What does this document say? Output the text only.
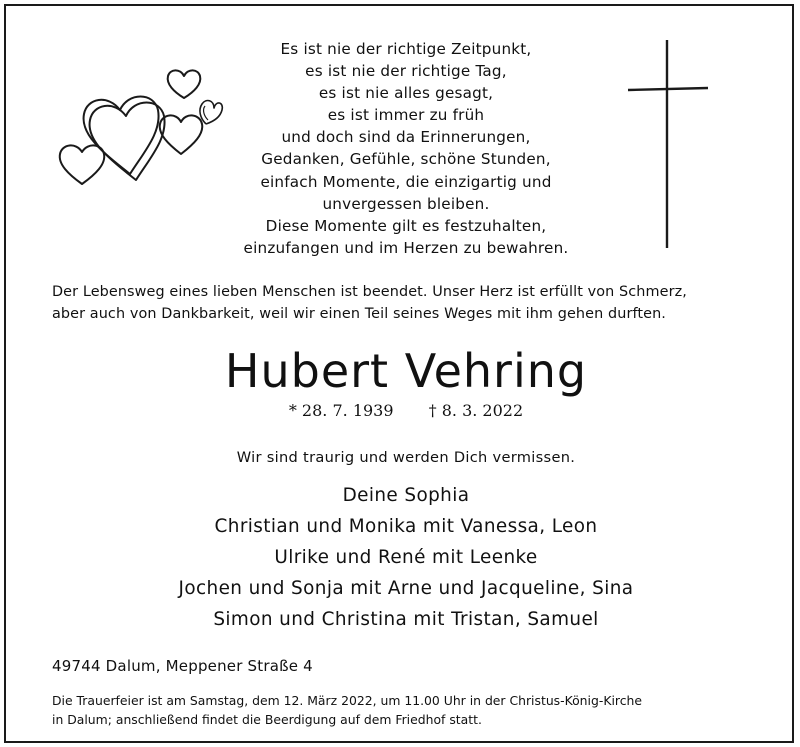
Es ist nie der richtige Zeitpunkt,
es ist nie der richtige Tag,
es ist nie alles gesagt,
es ist immer zu früh
und doch sind da Erinnerungen,
Gedanken, Gefühle, schöne Stunden,
einfach Momente, die einzigartig und
unvergessen bleiben.
Diese Momente gilt es festzuhalten,
einzufangen und im Herzen zu bewahren.
Der Lebensweg eines lieben Menschen ist beendet. Unser Herz ist erfüllt von Schmerz,
aber auch von Dankbarkeit, weil wir einen Teil seines Weges mit ihm gehen durften.
Hubert Vehring
* 28. 7. 1939 † 8. 3. 2022
Wir sind traurig und werden Dich vermissen.
Deine Sophia
Christian und Monika mit Vanessa, Leon
Ulrike und René mit Leenke
Jochen und Sonja mit Arne und Jacqueline, Sina
Simon und Christina mit Tristan, Samuel
49744 Dalum, Meppener Straße 4
Die Trauerfeier ist am Samstag, dem 12. März 2022, um 11.00 Uhr in der Christus-König-Kirche
in Dalum; anschließend findet die Beerdigung auf dem Friedhof statt.
